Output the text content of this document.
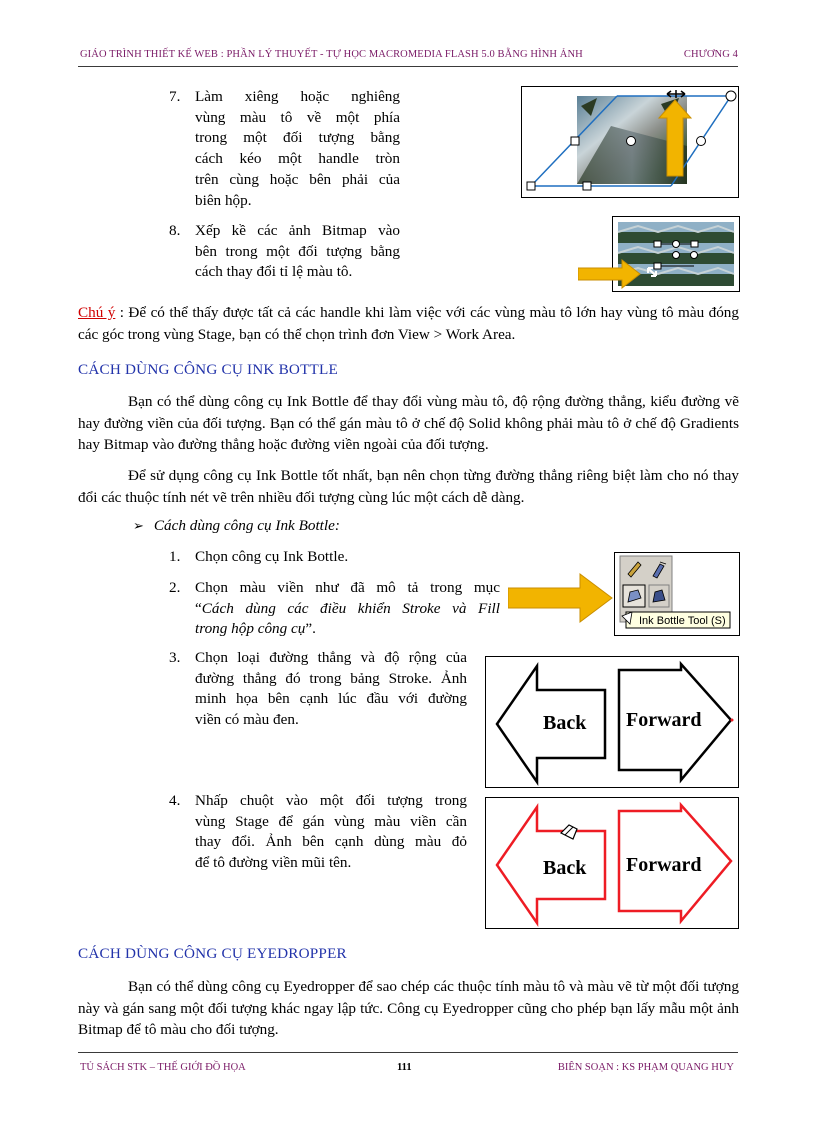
GIÁO TRÌNH THIẾT KẾ WEB : PHẦN LÝ THUYẾT - TỰ HỌC MACROMEDIA FLASH 5.0 BẰNG HÌNH ẢNH	CHƯƠNG 4
7. Làm xiêng hoặc nghiêng
vùng màu tô về một phía
trong một đối tượng bằng
cách kéo một handle tròn
trên cùng hoặc bên phải của
biên hộp.
8. Xếp kề các ảnh Bitmap vào
bên trong một đối tượng bằng
cách thay đổi tỉ lệ màu tô.
Chú ý : Để có thể thấy được tất cả các handle khi làm việc với các vùng màu tô lớn hay vùng tô màu đóng các góc trong vùng Stage, bạn có thể chọn trình đơn View > Work Area.
CÁCH DÙNG CÔNG CỤ INK BOTTLE
Bạn có thể dùng công cụ Ink Bottle để thay đổi vùng màu tô, độ rộng đường thẳng, kiểu đường vẽ hay đường viền của đối tượng. Bạn có thể gán màu tô ở chế độ Solid không phải màu tô ở chế độ Gradients hay Bitmap vào đường thẳng hoặc đường viền ngoài của đối tượng.
Để sử dụng công cụ Ink Bottle tốt nhất, bạn nên chọn từng đường thẳng riêng biệt làm cho nó thay đổi các thuộc tính nét vẽ trên nhiều đối tượng cùng lúc một cách dễ dàng.
➢ Cách dùng công cụ Ink Bottle:
1. Chọn công cụ Ink Bottle.
2. Chọn màu viền như đã mô tả trong mục
“Cách dùng các điều khiển Stroke và Fill
trong hộp công cụ”.	Ink Bottle Tool (S)
3. Chọn loại đường thẳng và độ rộng của
đường thẳng đó trong bảng Stroke. Ảnh
minh họa bên cạnh lúc đầu với đường
viền có màu đen.	Back Forward
4. Nhấp chuột vào một đối tượng trong
vùng Stage để gán vùng màu viền cần
thay đổi. Ảnh bên cạnh dùng màu đỏ
để tô đường viền mũi tên.	Back Forward
CÁCH DÙNG CÔNG CỤ EYEDROPPER
Bạn có thể dùng công cụ Eyedropper để sao chép các thuộc tính màu tô và màu vẽ từ một đối tượng này và gán sang một đối tượng khác ngay lập tức. Công cụ Eyedropper cũng cho phép bạn lấy mẫu một ảnh Bitmap để tô màu cho đối tượng.
TỦ SÁCH STK – THẾ GIỚI ĐỒ HỌA	111	BIÊN SOẠN : KS PHẠM QUANG HUY
